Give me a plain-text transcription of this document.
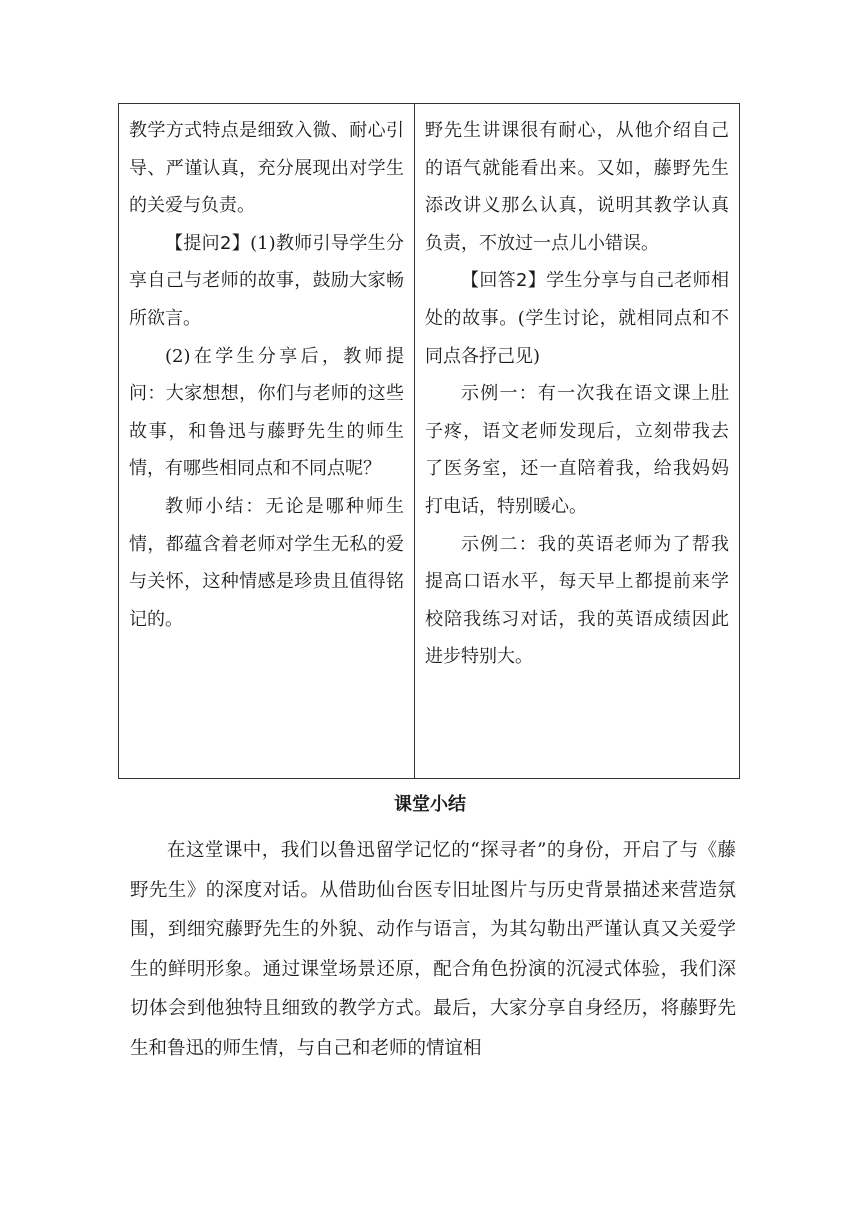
教学方式特点是细致入微、耐心引导、严谨认真，充分展现出对学生的关爱与负责。

【提问2】(1)教师引导学生分享自己与老师的故事，鼓励大家畅所欲言。

(2)在学生分享后，教师提问：大家想想，你们与老师的这些故事，和鲁迅与藤野先生的师生情，有哪些相同点和不同点呢？

教师小结：无论是哪种师生情，都蕴含着老师对学生无私的爱与关怀，这种情感是珍贵且值得铭记的。

野先生讲课很有耐心，从他介绍自己的语气就能看出来。又如，藤野先生添改讲义那么认真，说明其教学认真负责，不放过一点儿小错误。

【回答2】学生分享与自己老师相处的故事。(学生讨论，就相同点和不同点各抒己见)

示例一：有一次我在语文课上肚子疼，语文老师发现后，立刻带我去了医务室，还一直陪着我，给我妈妈打电话，特别暖心。

示例二：我的英语老师为了帮我提高口语水平，每天早上都提前来学校陪我练习对话，我的英语成绩因此进步特别大。

课堂小结

在这堂课中，我们以鲁迅留学记忆的“探寻者”的身份，开启了与《藤野先生》的深度对话。从借助仙台医专旧址图片与历史背景描述来营造氛围，到细究藤野先生的外貌、动作与语言，为其勾勒出严谨认真又关爱学生的鲜明形象。通过课堂场景还原，配合角色扮演的沉浸式体验，我们深切体会到他独特且细致的教学方式。最后，大家分享自身经历，将藤野先生和鲁迅的师生情，与自己和老师的情谊相
